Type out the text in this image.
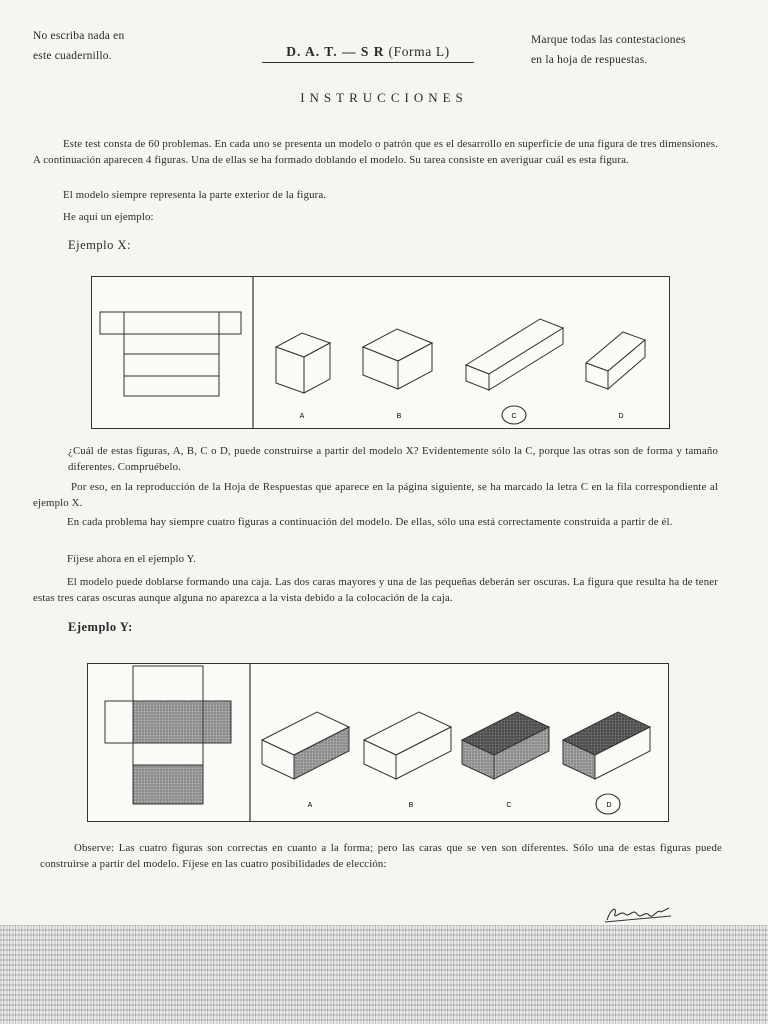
No escriba nada en
este cuadernillo.	D. A. T. — S R (Forma L)
Marque todas las contestaciones
en la hoja de respuestas.
INSTRUCCIONES
Este test consta de 60 problemas. En cada uno se presenta un modelo o patrón que es el desarrollo en superficie de una figura de tres dimensiones. A continuación aparecen 4 figuras. Una de ellas se ha formado doblando el modelo. Su tarea consiste en averiguar cuál es esta figura.
El modelo siempre representa la parte exterior de la figura.
He aquí un ejemplo:
Ejemplo X:
A	B	C	D
¿Cuál de estas figuras, A, B, C o D, puede construirse a partir del modelo X? Evidentemente sólo la C, porque las otras son de forma y tamaño diferentes. Compruébelo.
Por eso, en la reproducción de la Hoja de Respuestas que aparece en la página siguiente, se ha marcado la letra C en la fila correspondiente al ejemplo X.
En cada problema hay siempre cuatro figuras a continuación del modelo. De ellas, sólo una está correctamente construida a partir de él.
Fíjese ahora en el ejemplo Y.
El modelo puede doblarse formando una caja. Las dos caras mayores y una de las pequeñas deberán ser oscuras. La figura que resulta ha de tener estas tres caras oscuras aunque alguna no aparezca a la vista debido a la colocación de la caja.
Ejemplo Y:
A	B	C	D
Observe: Las cuatro figuras son correctas en cuanto a la forma; pero las caras que se ven son diferentes. Sólo una de estas figuras puede construirse a partir del modelo. Fíjese en las cuatro posibilidades de elección:
